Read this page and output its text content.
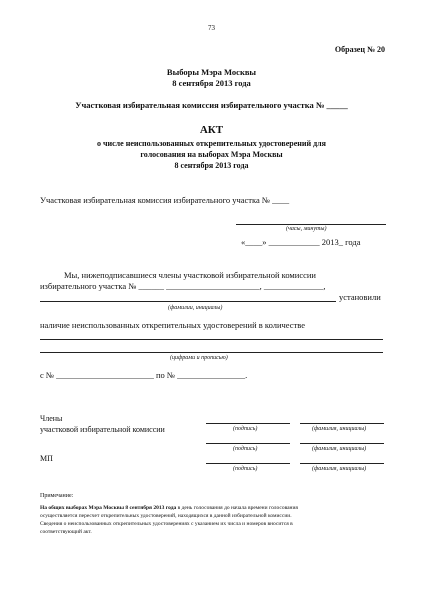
73
Образец № 20
Выборы Мэра Москвы
8 сентября 2013 года
Участковая избирательная комиссия избирательного участка № _____
АКТ
о числе неиспользованных открепительных удостоверений для
голосования на выборах Мэра Москвы
8 сентября 2013 года
Участковая избирательная комиссия избирательного участка № ____
(часы, минуты)
«____» ____________ 2013_ года
Мы, нижеподписавшиеся члены участковой избирательной комиссии
избирательного участка № ______ ______________________, ______________,
установили
(фамилии, инициалы)
наличие неиспользованных открепительных удостоверений в количестве
(цифрами и прописью)
с № _______________________ по № ________________.
Члены
участковой избирательной комиссии	(подпись)	(фамилия, инициалы)
(подпись)	(фамилия, инициалы)
МП
(подпись)	(фамилия, инициалы)
Примечание:
На общих выборах Мэра Москвы 8 сентября 2013 года в день голосования до начала времени голосования
осуществляется пересчет открепительных удостоверений, находящихся в данной избирательной комиссии.
Сведения о неиспользованных открепительных удостоверениях с указанием их числа и номеров вносится в
соответствующий акт.
